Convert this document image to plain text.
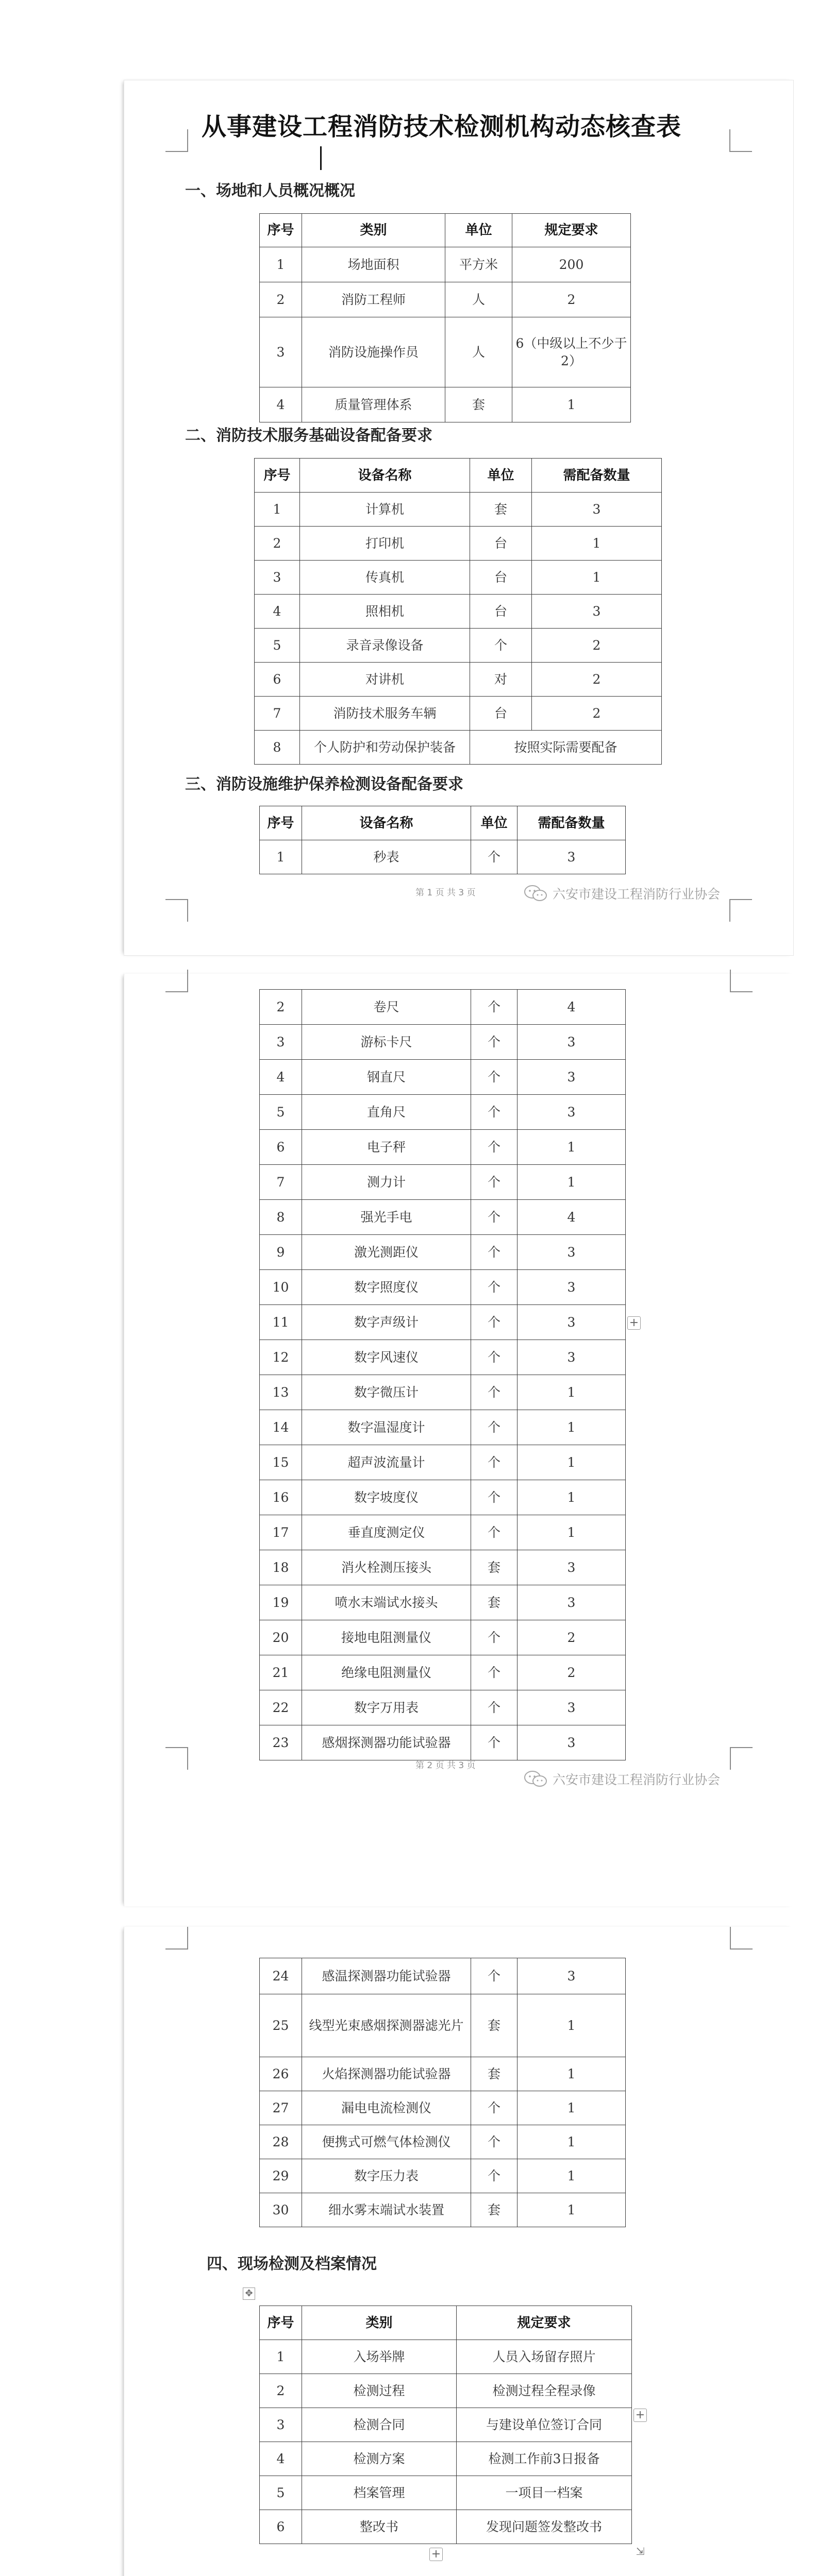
从事建设工程消防技术检测机构动态核查表
一、场地和人员概况概况
序号	类别	单位	规定要求
1	场地面积	平方米	200
2	消防工程师	人	2
3	消防设施操作员	人	6（中级以上不少于2）
4	质量管理体系	套	1
二、消防技术服务基础设备配备要求
序号	设备名称	单位	需配备数量
1	计算机	套	3
2	打印机	台	1
3	传真机	台	1
4	照相机	台	3
5	录音录像设备	个	2
6	对讲机	对	2
7	消防技术服务车辆	台	2
8	个人防护和劳动保护装备	按照实际需要配备	
三、消防设施维护保养检测设备配备要求
序号	设备名称	单位	需配备数量
1	秒表	个	3
第 1 页 共 3 页	六安市建设工程消防行业协会
2	卷尺	个	4
3	游标卡尺	个	3
4	钢直尺	个	3
5	直角尺	个	3
6	电子秤	个	1
7	测力计	个	1
8	强光手电	个	4
9	激光测距仪	个	3
10	数字照度仪	个	3
11	数字声级计	个	3
12	数字风速仪	个	3
13	数字微压计	个	1
14	数字温湿度计	个	1
15	超声波流量计	个	1
16	数字坡度仪	个	1
17	垂直度测定仪	个	1
18	消火栓测压接头	套	3
19	喷水末端试水接头	套	3
20	接地电阻测量仪	个	2
21	绝缘电阻测量仪	个	2
22	数字万用表	个	3
23	感烟探测器功能试验器	个	3
+
第 2 页 共 3 页
六安市建设工程消防行业协会
24	感温探测器功能试验器	个	3
25	线型光束感烟探测器滤光片	套	1
26	火焰探测器功能试验器	套	1
27	漏电电流检测仪	个	1
28	便携式可燃气体检测仪	个	1
29	数字压力表	个	1
30	细水雾末端试水装置	套	1
四、现场检测及档案情况
✥
序号	类别	规定要求
1	入场举牌	人员入场留存照片
2	检测过程	检测过程全程录像
3	检测合同	与建设单位签订合同
4	检测方案	检测工作前3日报备
5	档案管理	一项目一档案
6	整改书	发现问题签发整改书
+
+	⇲
